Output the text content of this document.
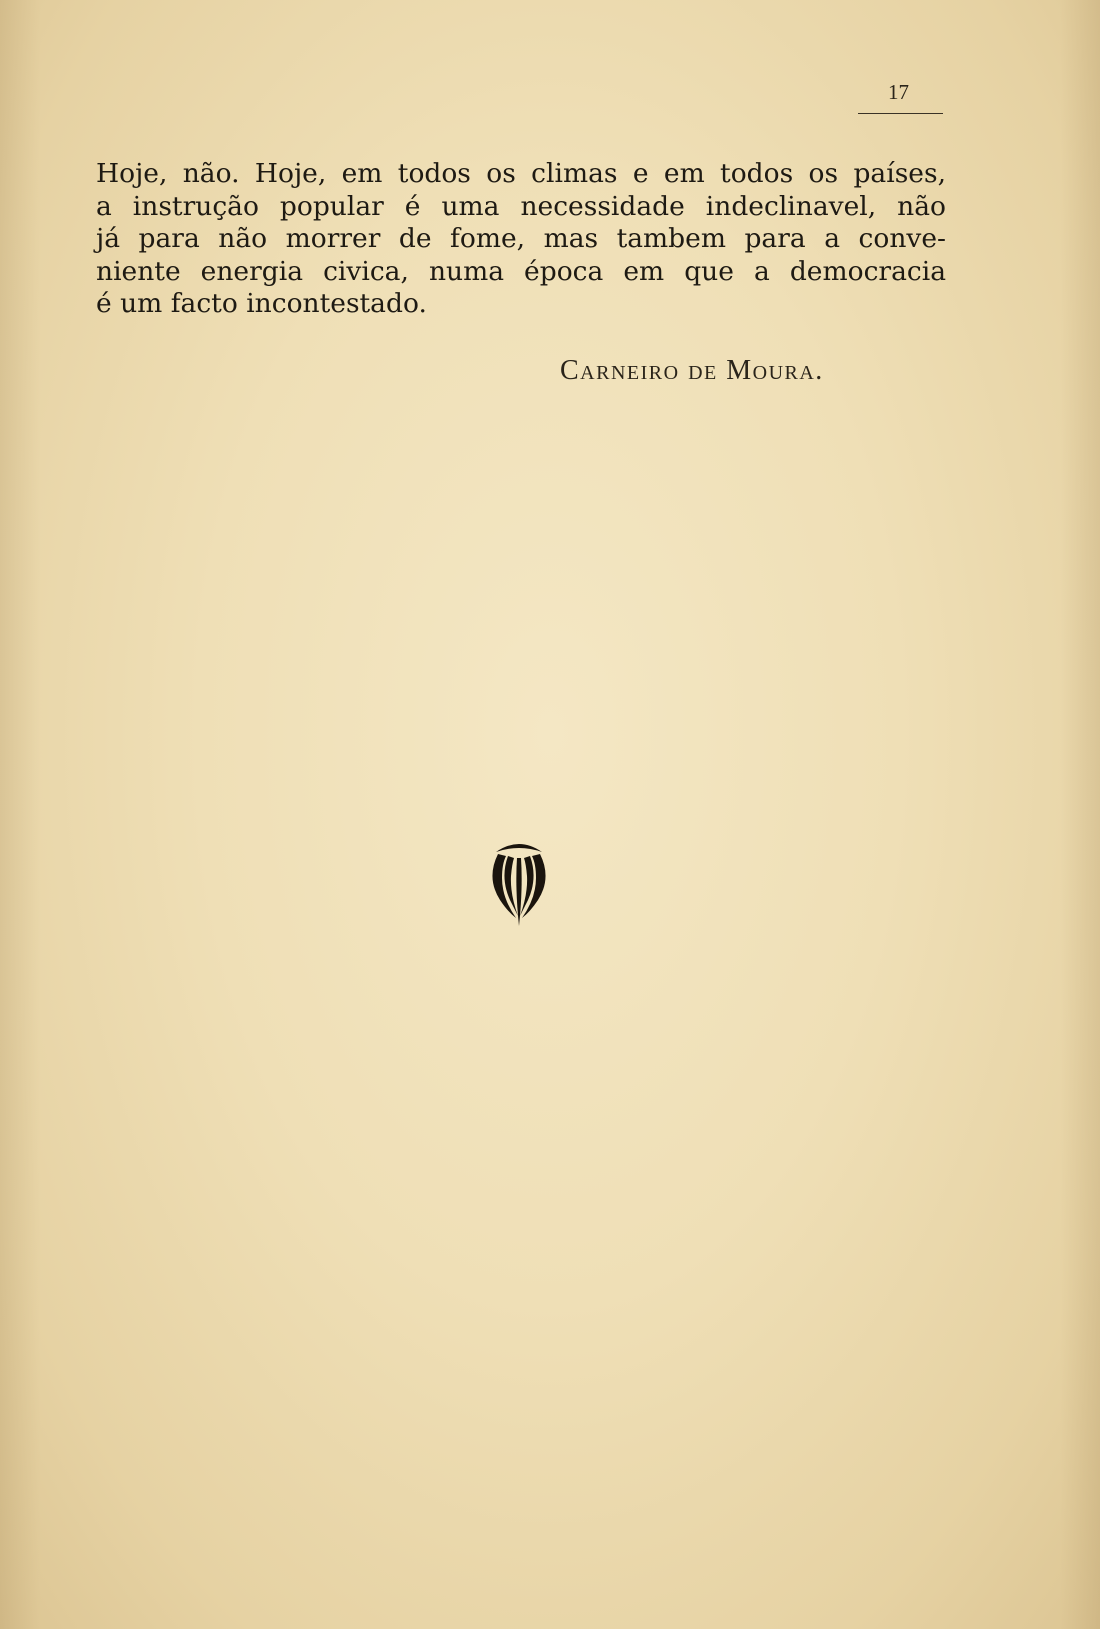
17
Hoje, não. Hoje, em todos os climas e em todos os países,
a instrução popular é uma necessidade indeclinavel, não
já para não morrer de fome, mas tambem para a conve-
niente energia civica, numa época em que a democracia
é um facto incontestado.
Carneiro de Moura.
